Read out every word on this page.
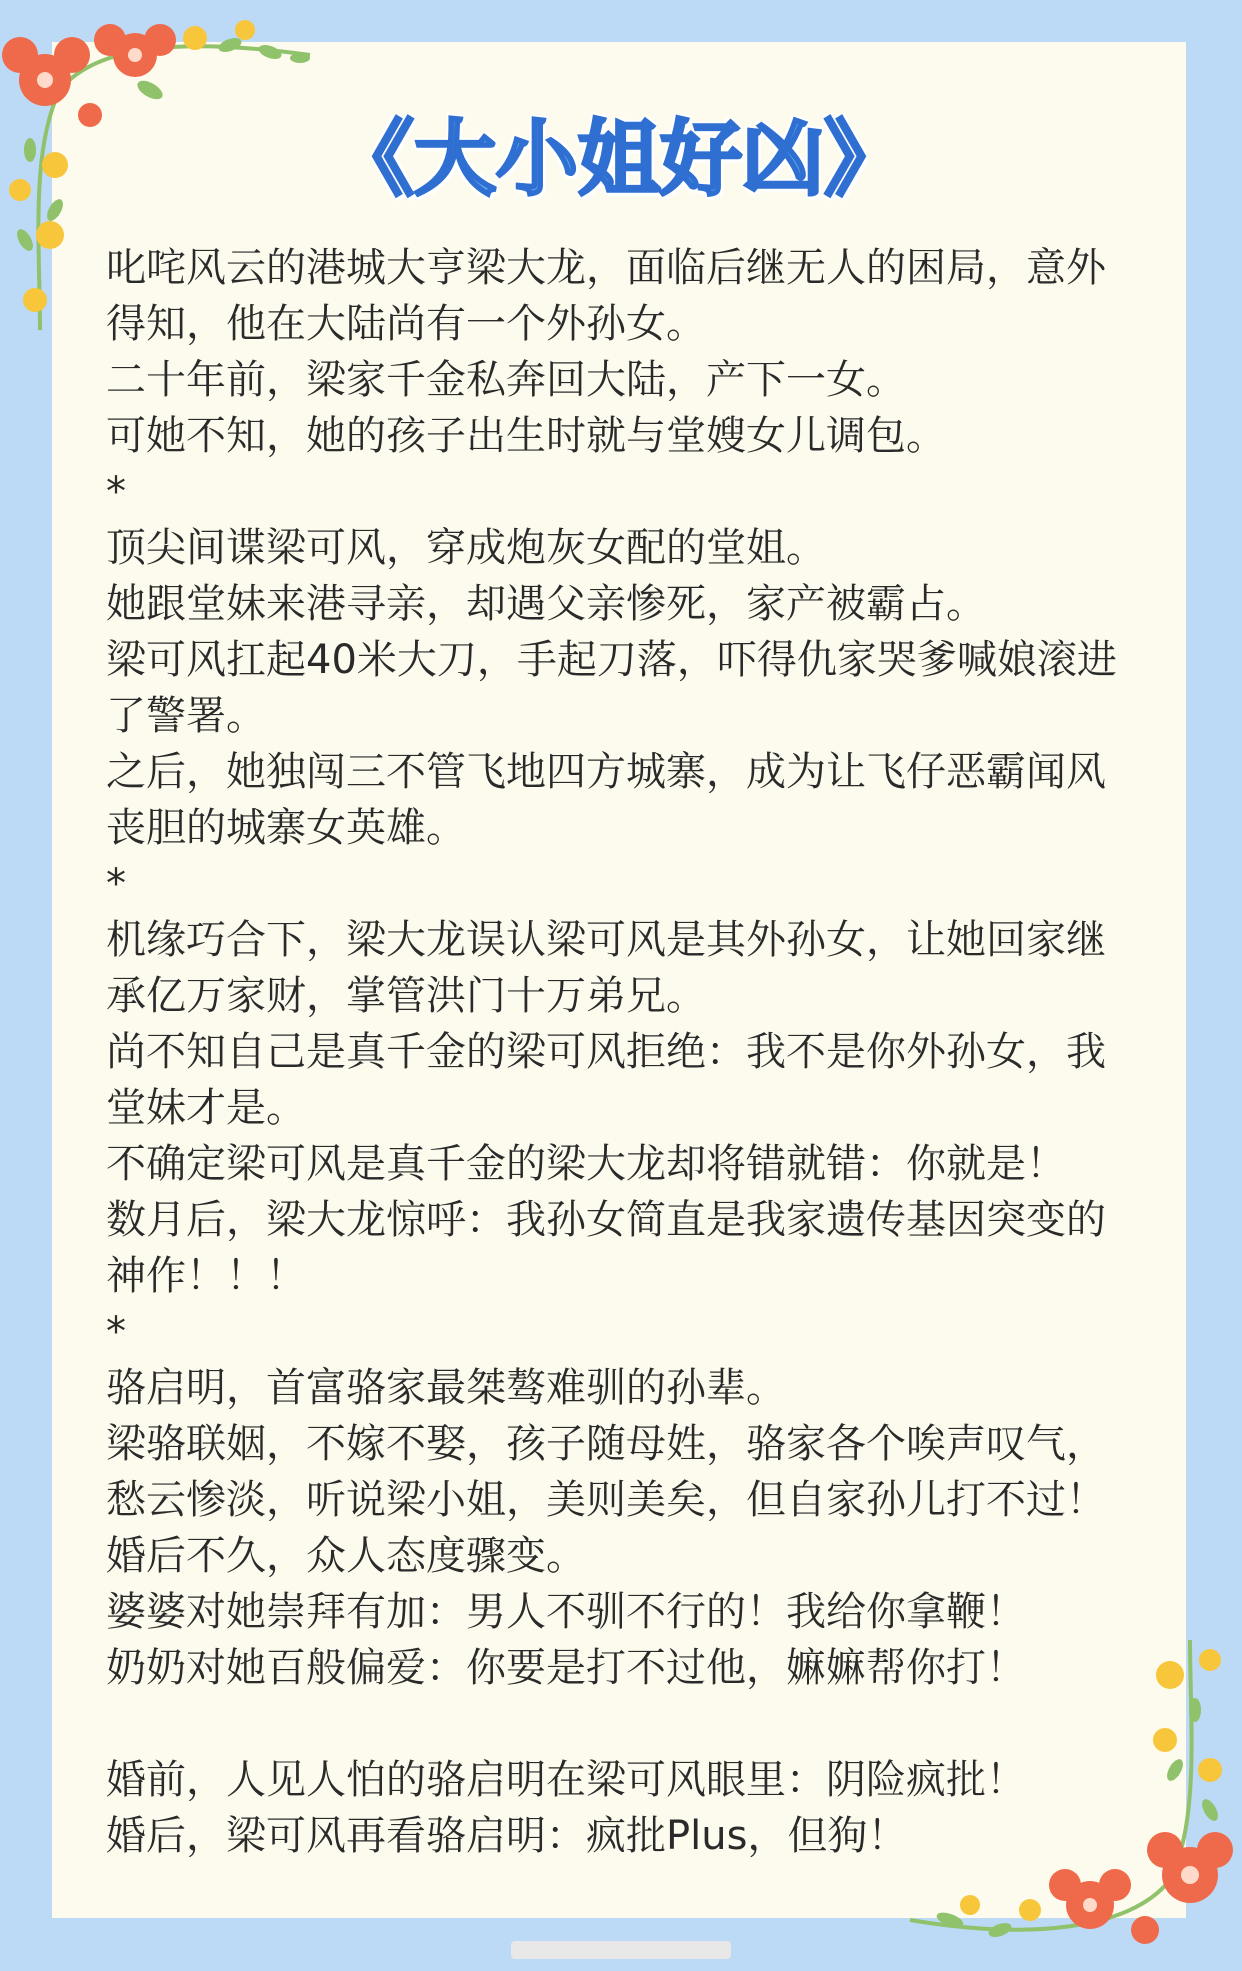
《大小姐好凶》
叱咤风云的港城大亨梁大龙，面临后继无人的困局，意外
得知，他在大陆尚有一个外孙女。
二十年前，梁家千金私奔回大陆，产下一女。
可她不知，她的孩子出生时就与堂嫂女儿调包。
*
顶尖间谍梁可风，穿成炮灰女配的堂姐。
她跟堂妹来港寻亲，却遇父亲惨死，家产被霸占。
梁可风扛起40米大刀，手起刀落，吓得仇家哭爹喊娘滚进
了警署。
之后，她独闯三不管飞地四方城寨，成为让飞仔恶霸闻风
丧胆的城寨女英雄。
*
机缘巧合下，梁大龙误认梁可风是其外孙女，让她回家继
承亿万家财，掌管洪门十万弟兄。
尚不知自己是真千金的梁可风拒绝：我不是你外孙女，我
堂妹才是。
不确定梁可风是真千金的梁大龙却将错就错：你就是！
数月后，梁大龙惊呼：我孙女简直是我家遗传基因突变的
神作！！！
*
骆启明，首富骆家最桀骜难驯的孙辈。
梁骆联姻，不嫁不娶，孩子随母姓，骆家各个唉声叹气，
愁云惨淡，听说梁小姐，美则美矣，但自家孙儿打不过！
婚后不久，众人态度骤变。
婆婆对她崇拜有加：男人不驯不行的！我给你拿鞭！
奶奶对她百般偏爱：你要是打不过他，嫲嫲帮你打！
婚前，人见人怕的骆启明在梁可风眼里：阴险疯批！
婚后，梁可风再看骆启明：疯批Plus，但狗！
